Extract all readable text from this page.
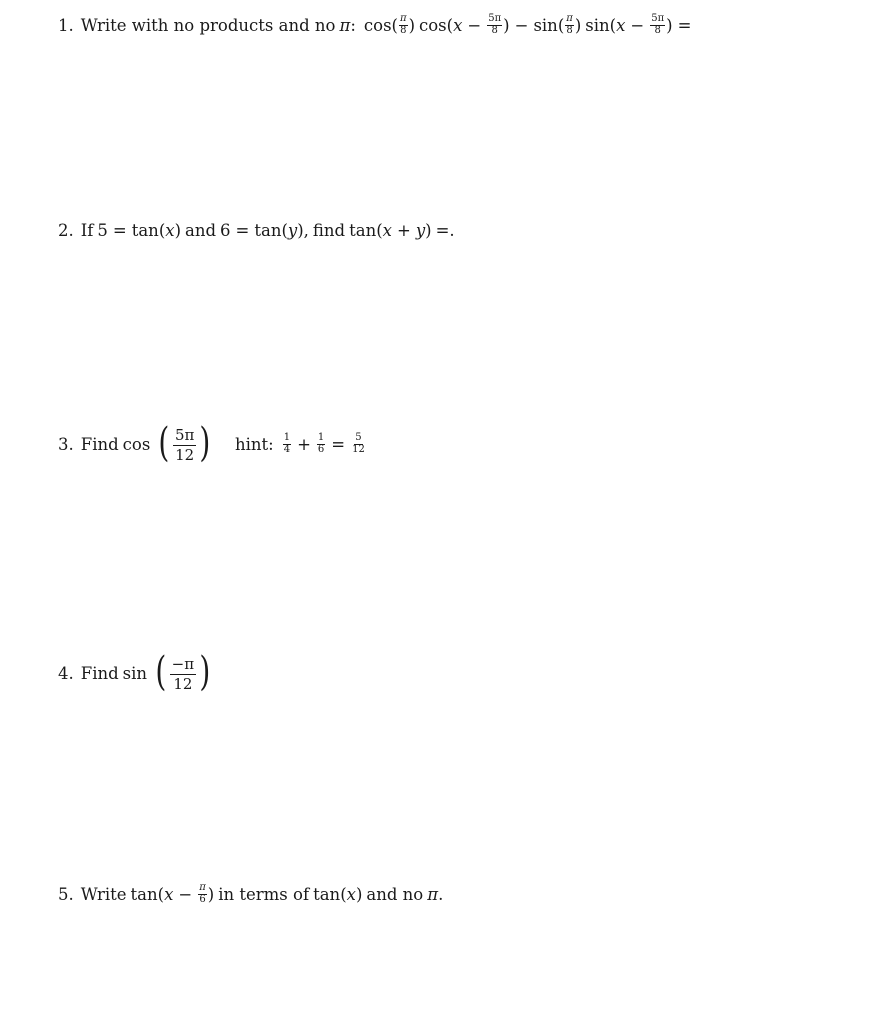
1. Write with no products and no π : cos ( π
8 ) cos ( $x - \frac{5\pi}{8}$ ) − sin ( π
8 ) sin ( $x - \frac{5\pi}{8}$ ) =
2. If 5 = tan ( x ) and 6 = tan ( y ), find tan ( x + y ) =.
3. Find cos ( 5π
12 ) hint: 1
$4 + \frac{1}{6} = \frac{5}{12}$
4. Find sin ( −π
12 )
5. Write tan ( $x - \frac{\pi}{6}$ ) in terms of tan ( x ) and no π .
